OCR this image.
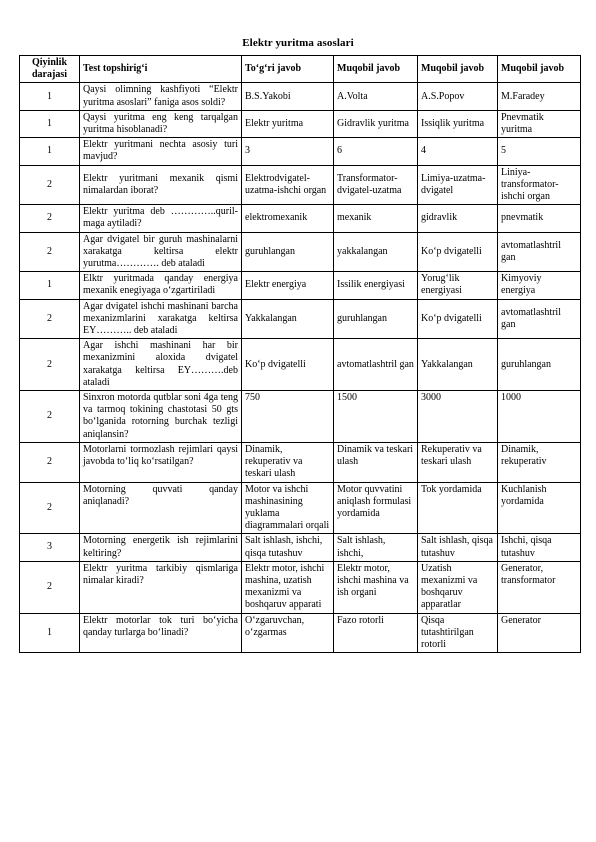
Elektr yuritma asoslari
Qiyinlik darajasi	Test topshirig‘i	To‘g‘ri javob	Muqobil javob	Muqobil javob	Muqobil javob
1	Qaysi olimning kashfiyoti “Elektr yuritma asoslari” faniga asos soldi?	B.S.Yakobi	A.Volta	A.S.Popov	M.Faradey
1	Qaysi yuritma eng keng tarqalgan yuritma hisoblanadi?	Elektr yuritma	Gidravlik yuritma	Issiqlik yuritma	Pnevmatik yuritma
1	Elektr yuritmani nechta asosiy turi mavjud?	3	6	4	5
2	Elektr yuritmani mexanik qismi nimalardan iborat?	Elektrodvigatel-uzatma-ishchi organ	Transformator-dvigatel-uzatma	Limiya-uzatma-dvigatel	Liniya-transformator-ishchi organ
2	Elektr yuritma deb …………..qurilmaga aytiladi?	elektromexanik	mexanik	gidravlik	pnevmatik
2	Agar dvigatel bir guruh mashinalarni xarakatga keltirsa elektr yurutma…………. deb ataladi	guruhlangan	yakkalangan	Ko‘p dvigatelli	avtomatlashtril gan
1	Elktr yuritmada qanday energiya mexanik enegiyaga o‘zgartiriladi	Elektr energiya	Issilik energiyasi	Yorug‘lik energiyasi	Kimyoviy energiya
2	Agar dvigatel ishchi mashinani barcha mexanizmlarini xarakatga keltirsa EY……….. deb ataladi	Yakkalangan	guruhlangan	Ko‘p dvigatelli	avtomatlashtril gan
2	Agar ishchi mashinani har bir mexanizmini aloxida dvigatel xarakatga keltirsa EY……….deb ataladi	Ko‘p dvigatelli	avtomatlashtril gan	Yakkalangan	guruhlangan
2	Sinxron motorda qutblar soni 4ga teng va tarmoq tokining chastotasi 50 gts bo‘lganida rotorning burchak tezligi aniqlansin?	750	1500	3000	1000
2	Motorlarni tormozlash rejimlari qaysi javobda to‘liq ko‘rsatilgan?	Dinamik, rekuperativ va teskari ulash	Dinamik va teskari ulash	Rekuperativ va teskari ulash	Dinamik, rekuperativ
2	Motorning quvvati qanday aniqlanadi?	Motor va ishchi mashinasining yuklama diagrammalari orqali	Motor quvvatini aniqlash formulasi yordamida	Tok yordamida	Kuchlanish yordamida
3	Motorning energetik ish rejimlarini keltiring?	Salt ishlash, ishchi, qisqa tutashuv	Salt ishlash, ishchi,	Salt ishlash, qisqa tutashuv	Ishchi, qisqa tutashuv
2	Elektr yuritma tarkibiy qismlariga nimalar kiradi?	Elektr motor, ishchi mashina, uzatish mexanizmi va boshqaruv apparati	Elektr motor, ishchi mashina va ish organi	Uzatish mexanizmi va boshqaruv apparatlar	Generator, transformator
1	Elektr motorlar tok turi bo‘yicha qanday turlarga bo‘linadi?	O‘zgaruvchan, o‘zgarmas	Fazo rotorli	Qisqa tutashtirilgan rotorli	Generator
